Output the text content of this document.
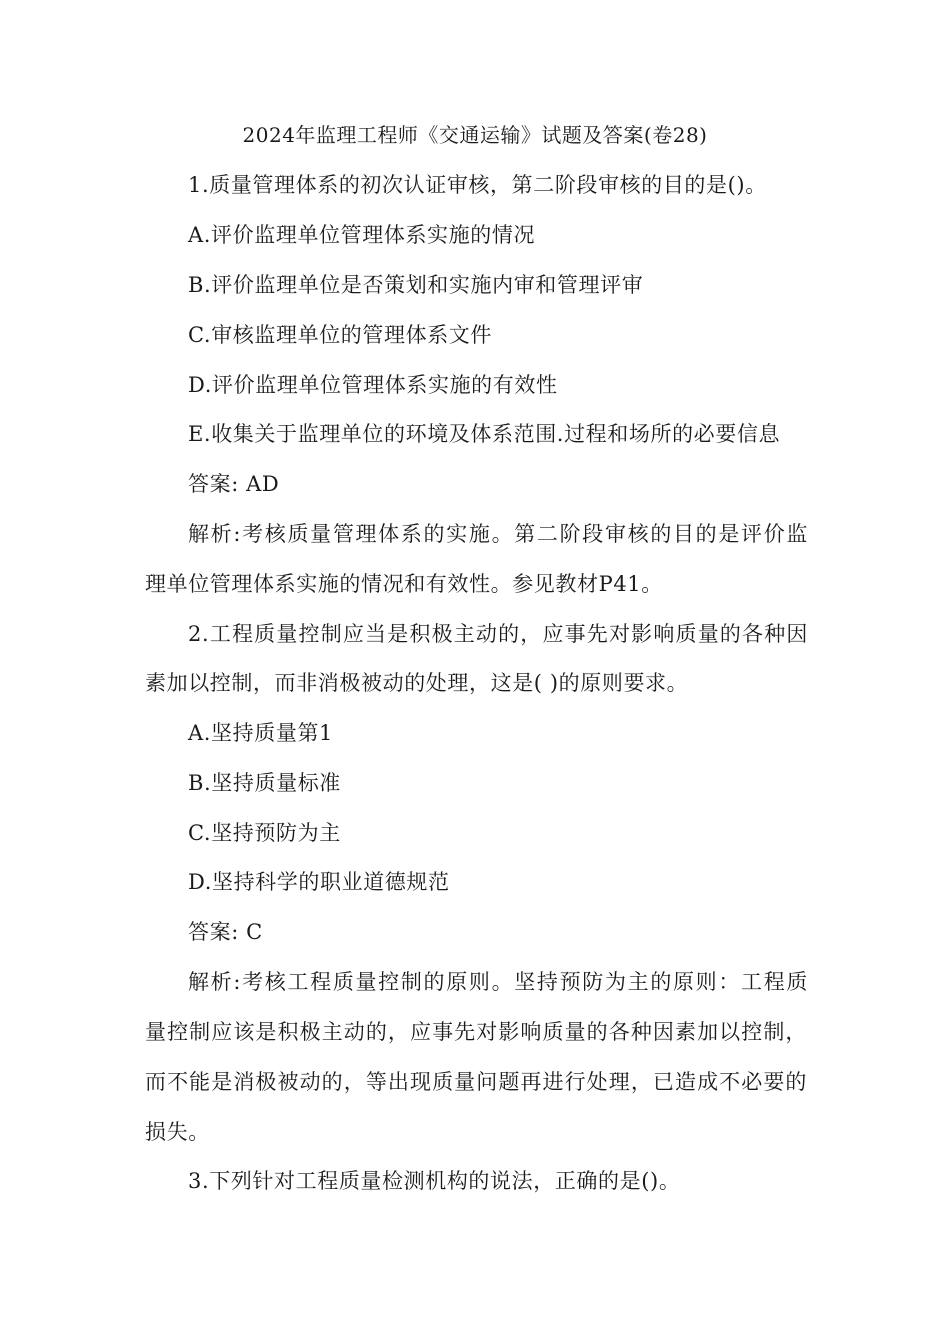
2024年监理工程师《交通运输》试题及答案(卷28)
1.质量管理体系的初次认证审核，第二阶段审核的目的是()。
A.评价监理单位管理体系实施的情况
B.评价监理单位是否策划和实施内审和管理评审
C.审核监理单位的管理体系文件
D.评价监理单位管理体系实施的有效性
E.收集关于监理单位的环境及体系范围.过程和场所的必要信息
答案: AD
解析:考核质量管理体系的实施。第二阶段审核的目的是评价监
理单位管理体系实施的情况和有效性。参见教材P41。
2.工程质量控制应当是积极主动的，应事先对影响质量的各种因
素加以控制，而非消极被动的处理，这是( )的原则要求。
A.坚持质量第1
B.坚持质量标准
C.坚持预防为主
D.坚持科学的职业道德规范
答案: C
解析:考核工程质量控制的原则。坚持预防为主的原则：工程质
量控制应该是积极主动的，应事先对影响质量的各种因素加以控制，
而不能是消极被动的，等出现质量问题再进行处理，已造成不必要的
损失。
3.下列针对工程质量检测机构的说法，正确的是()。
